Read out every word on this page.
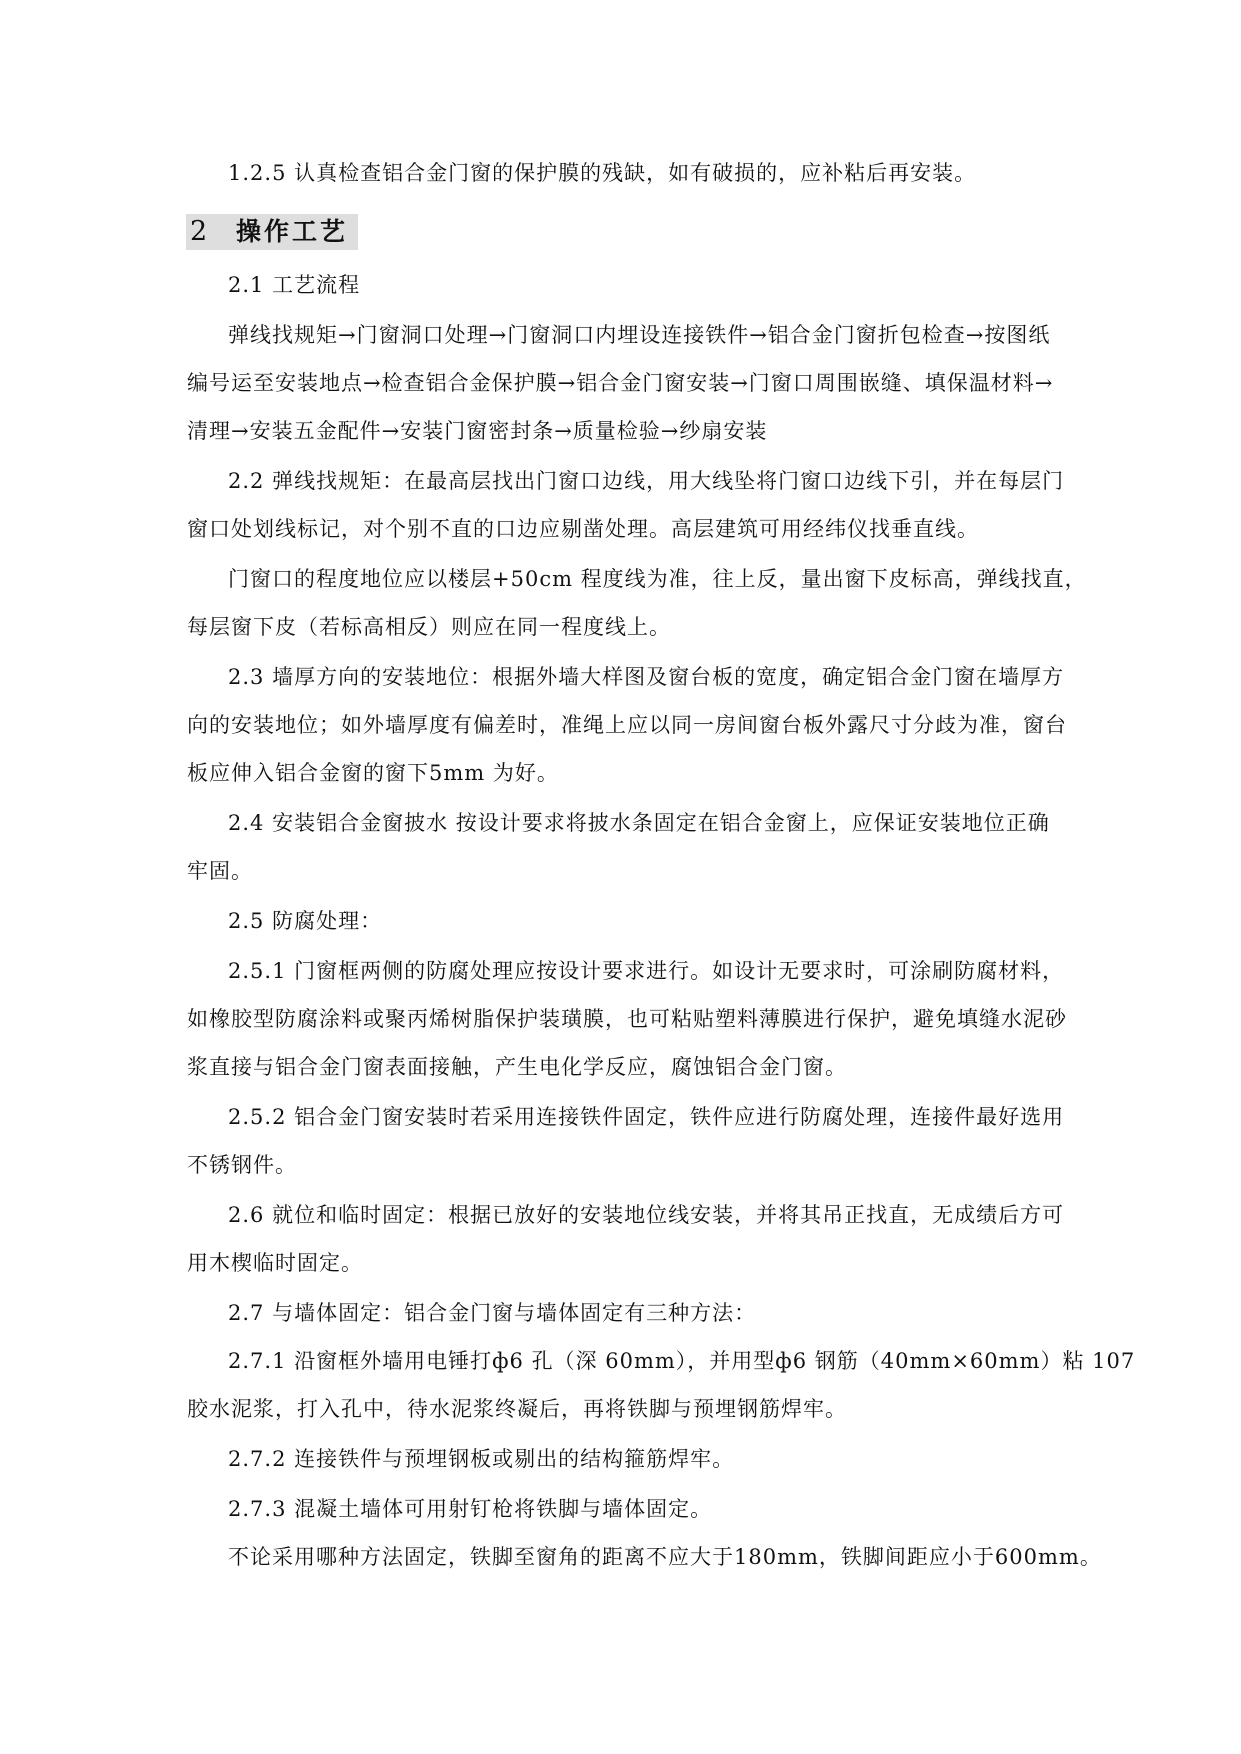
1.2.5 认真检查铝合金门窗的保护膜的残缺，如有破损的，应补粘后再安装。
2 操作工艺
2.1 工艺流程
弹线找规矩→门窗洞口处理→门窗洞口内埋设连接铁件→铝合金门窗折包检查→按图纸
编号运至安装地点→检查铝合金保护膜→铝合金门窗安装→门窗口周围嵌缝、填保温材料→
清理→安装五金配件→安装门窗密封条→质量检验→纱扇安装
2.2 弹线找规矩：在最高层找出门窗口边线，用大线坠将门窗口边线下引，并在每层门
窗口处划线标记，对个别不直的口边应剔凿处理。高层建筑可用经纬仪找垂直线。
门窗口的程度地位应以楼层+50cm 程度线为准，往上反，量出窗下皮标高，弹线找直，
每层窗下皮（若标高相反）则应在同一程度线上。
2.3 墙厚方向的安装地位：根据外墙大样图及窗台板的宽度，确定铝合金门窗在墙厚方
向的安装地位；如外墙厚度有偏差时，准绳上应以同一房间窗台板外露尺寸分歧为准，窗台
板应伸入铝合金窗的窗下5mm 为好。
2.4 安装铝合金窗披水 按设计要求将披水条固定在铝合金窗上，应保证安装地位正确
牢固。
2.5 防腐处理：
2.5.1 门窗框两侧的防腐处理应按设计要求进行。如设计无要求时，可涂刷防腐材料，
如橡胶型防腐涂料或聚丙烯树脂保护装璜膜，也可粘贴塑料薄膜进行保护，避免填缝水泥砂
浆直接与铝合金门窗表面接触，产生电化学反应，腐蚀铝合金门窗。
2.5.2 铝合金门窗安装时若采用连接铁件固定，铁件应进行防腐处理，连接件最好选用
不锈钢件。
2.6 就位和临时固定：根据已放好的安装地位线安装，并将其吊正找直，无成绩后方可
用木楔临时固定。
2.7 与墙体固定：铝合金门窗与墙体固定有三种方法：
2.7.1 沿窗框外墙用电锤打ф6 孔（深 60mm），并用型ф6 钢筋（40mm×60mm）粘 107
胶水泥浆，打入孔中，待水泥浆终凝后，再将铁脚与预埋钢筋焊牢。
2.7.2 连接铁件与预埋钢板或剔出的结构箍筋焊牢。
2.7.3 混凝土墙体可用射钉枪将铁脚与墙体固定。
不论采用哪种方法固定，铁脚至窗角的距离不应大于180mm，铁脚间距应小于600mm。
